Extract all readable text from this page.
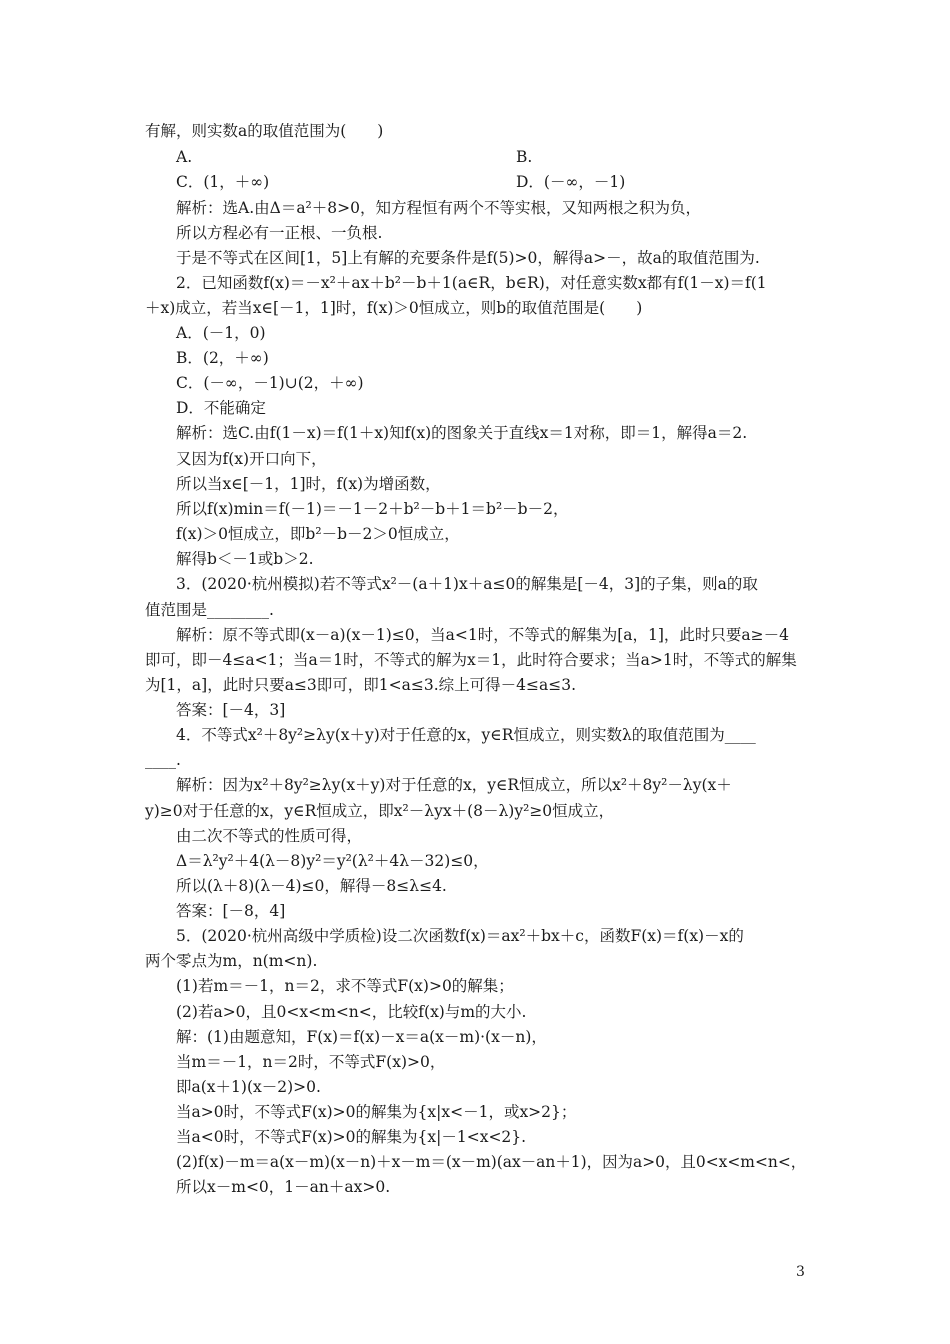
有解，则实数a的取值范围为(　　)
A.	B.
C．(1，＋∞)	D．(－∞，－1)
解析：选A.由Δ＝a²＋8>0，知方程恒有两个不等实根，又知两根之积为负，
所以方程必有一正根、一负根.
于是不等式在区间[1，5]上有解的充要条件是f(5)>0，解得a>－，故a的取值范围为.
2．已知函数f(x)＝－x²＋ax＋b²－b＋1(a∈R，b∈R)，对任意实数x都有f(1－x)＝f(1
＋x)成立，若当x∈[－1，1]时，f(x)＞0恒成立，则b的取值范围是(　　)
A．(－1，0)
B．(2，＋∞)
C．(－∞，－1)∪(2，＋∞)
D．不能确定
解析：选C.由f(1－x)＝f(1＋x)知f(x)的图象关于直线x＝1对称，即＝1，解得a＝2.
又因为f(x)开口向下，
所以当x∈[－1，1]时，f(x)为增函数，
所以f(x)min＝f(－1)＝－1－2＋b²－b＋1＝b²－b－2，
f(x)＞0恒成立，即b²－b－2＞0恒成立，
解得b＜－1或b＞2.
3．(2020·杭州模拟)若不等式x²－(a＋1)x＋a≤0的解集是[－4，3]的子集，则a的取
值范围是________.
解析：原不等式即(x－a)(x－1)≤0，当a<1时，不等式的解集为[a，1]，此时只要a≥－4
即可，即－4≤a<1；当a＝1时，不等式的解为x＝1，此时符合要求；当a>1时，不等式的解集
为[1，a]，此时只要a≤3即可，即1<a≤3.综上可得－4≤a≤3.
答案：[－4，3]
4．不等式x²＋8y²≥λy(x＋y)对于任意的x，y∈R恒成立，则实数λ的取值范围为____
____.
解析：因为x²＋8y²≥λy(x＋y)对于任意的x，y∈R恒成立，所以x²＋8y²－λy(x＋
y)≥0对于任意的x，y∈R恒成立，即x²－λyx＋(8－λ)y²≥0恒成立，
由二次不等式的性质可得，
Δ＝λ²y²＋4(λ－8)y²＝y²(λ²＋4λ－32)≤0，
所以(λ＋8)(λ－4)≤0，解得－8≤λ≤4.
答案：[－8，4]
5．(2020·杭州高级中学质检)设二次函数f(x)＝ax²＋bx＋c，函数F(x)＝f(x)－x的
两个零点为m，n(m<n).
(1)若m＝－1，n＝2，求不等式F(x)>0的解集；
(2)若a>0，且0<x<m<n<，比较f(x)与m的大小.
解：(1)由题意知，F(x)＝f(x)－x＝a(x－m)·(x－n)，
当m＝－1，n＝2时，不等式F(x)>0，
即a(x＋1)(x－2)>0.
当a>0时，不等式F(x)>0的解集为{x|x<－1，或x>2}；
当a<0时，不等式F(x)>0的解集为{x|－1<x<2}.
(2)f(x)－m＝a(x－m)(x－n)＋x－m＝(x－m)(ax－an＋1)，因为a>0，且0<x<m<n<，
所以x－m<0，1－an＋ax>0.
3
